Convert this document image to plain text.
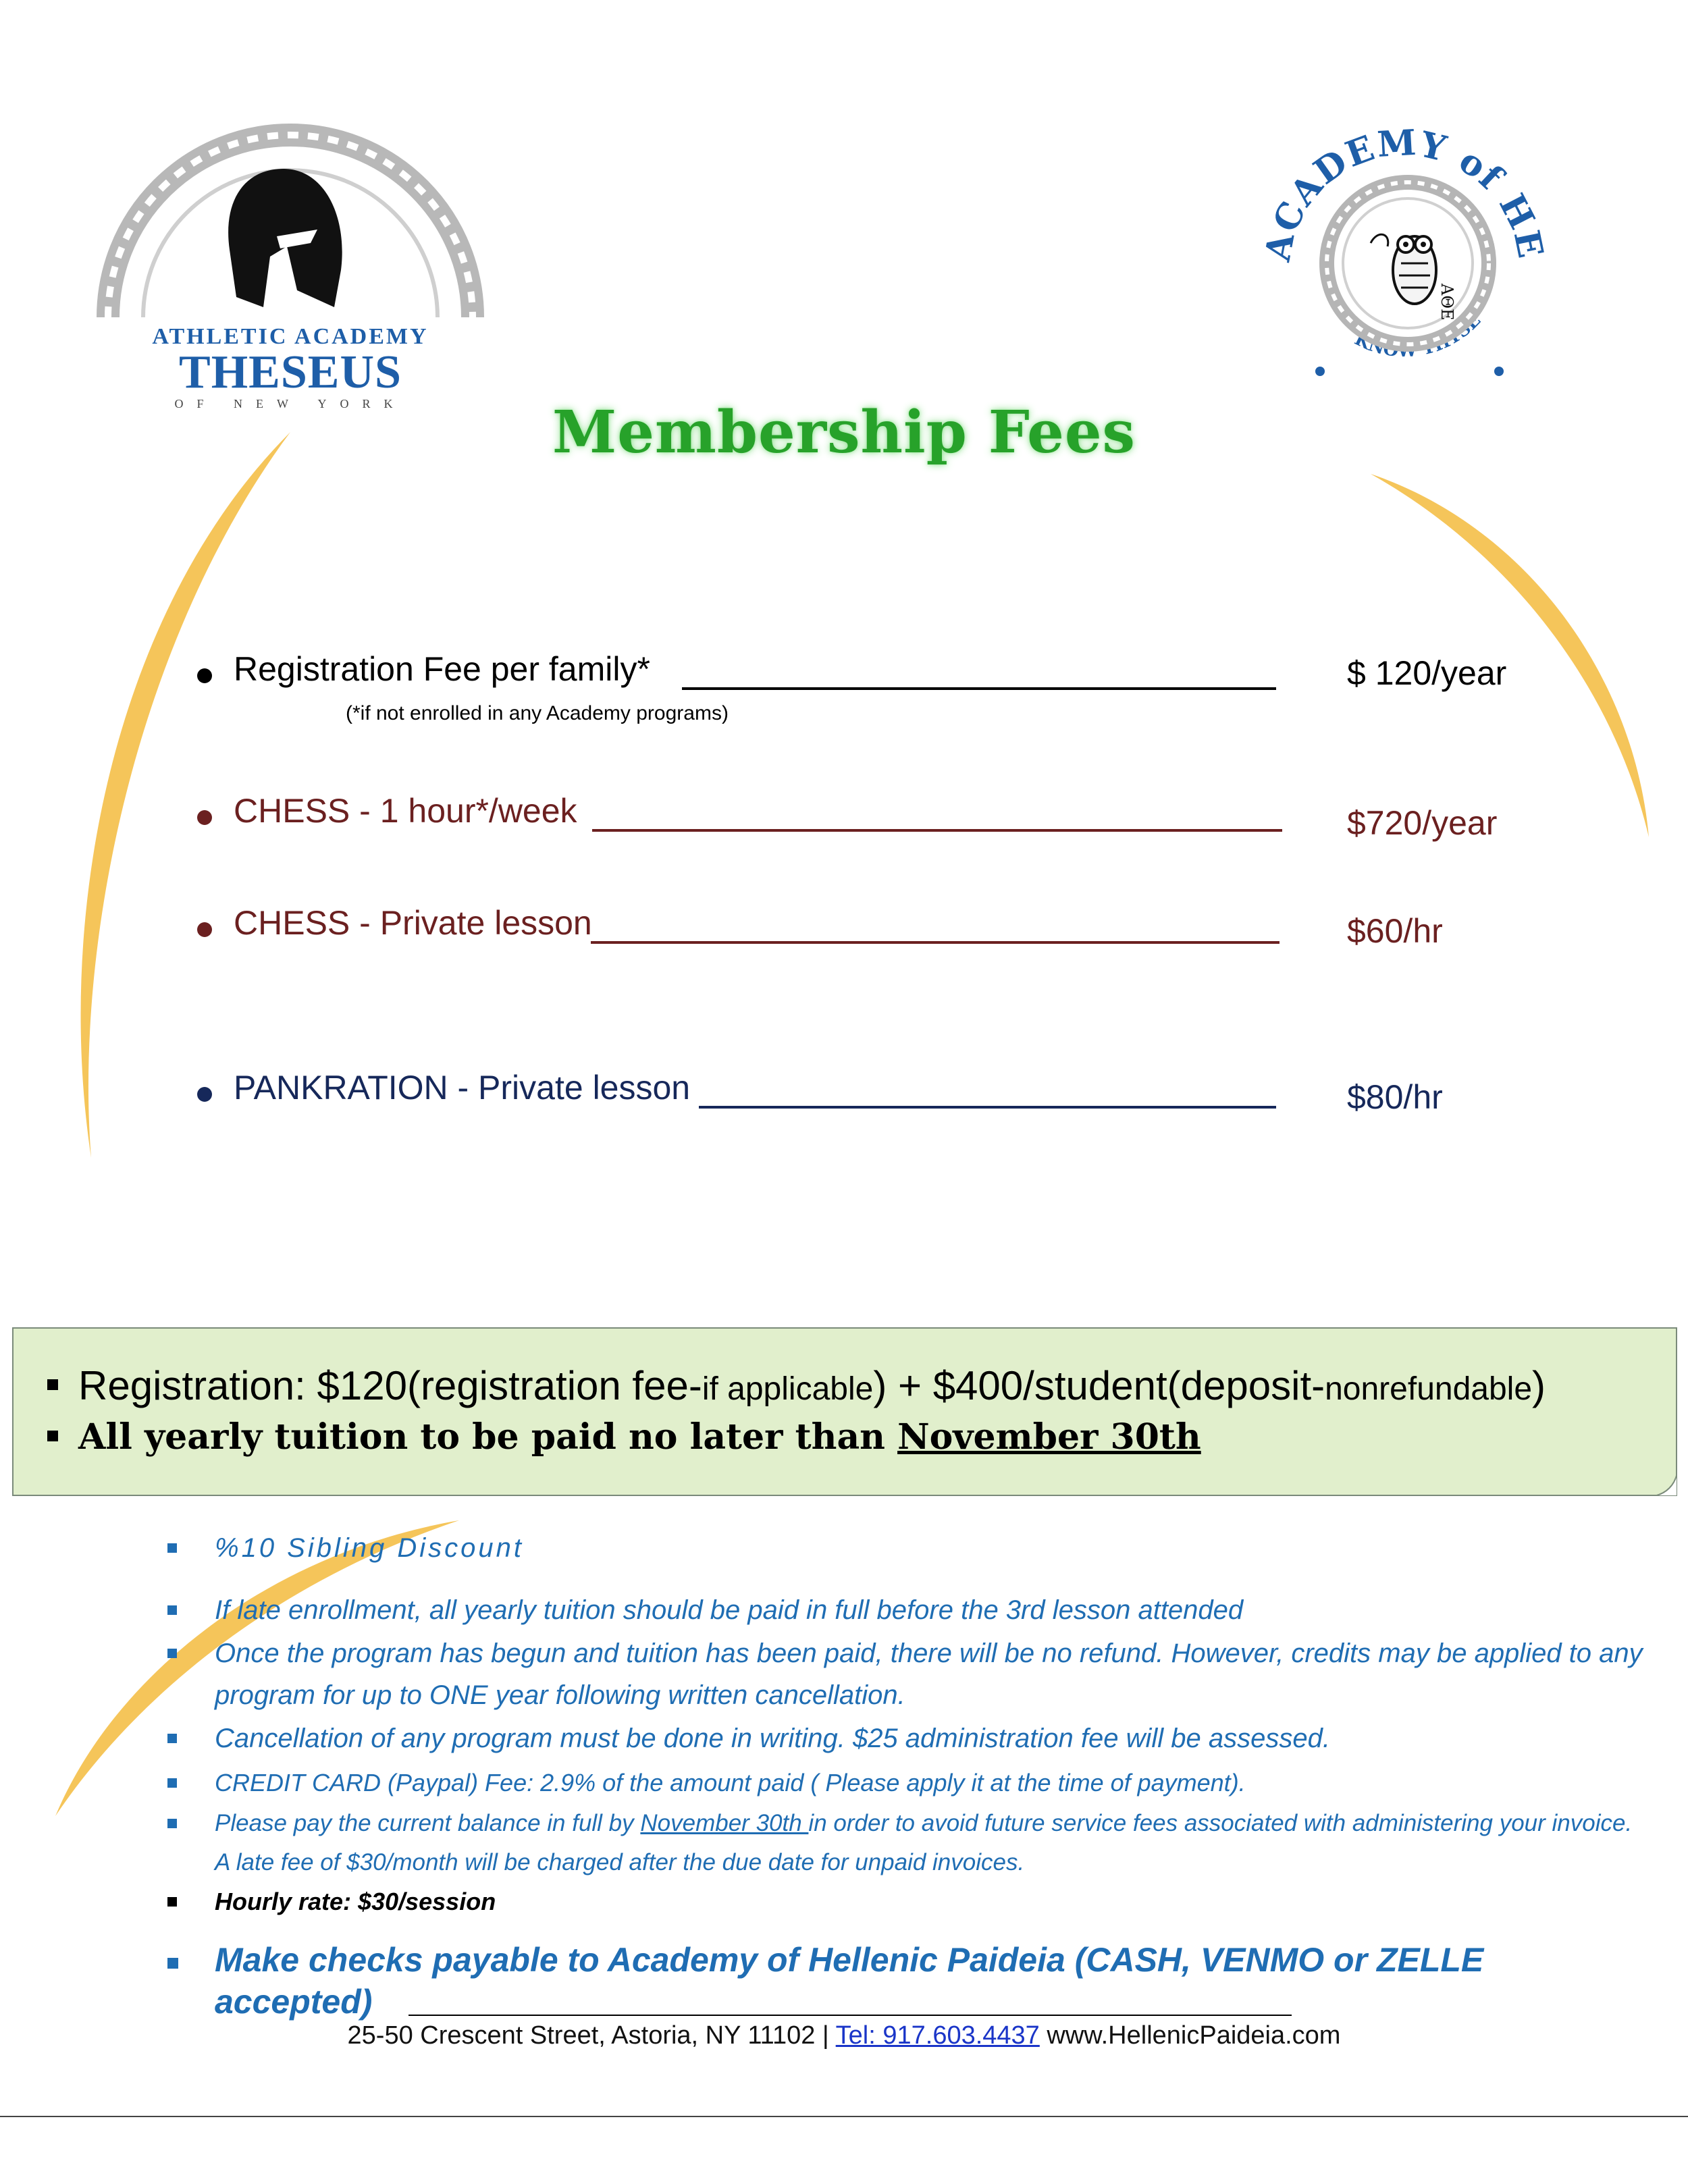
ATHLETIC ACADEMY
THESEUS
OF NEW YORK
ACADEMY of HE
KNOW THYSE
ΑΘΕ
Membership Fees
Registration Fee per family*	$ 120/year
(*if not enrolled in any Academy programs)
CHESS - 1 hour*/week	$720/year
CHESS - Private lesson	$60/hr
PANKRATION - Private lesson	$80/hr
Registration: $120(registration fee-if applicable) + $400/student(deposit-nonrefundable)
All yearly tuition to be paid no later than November 30th
%10 Sibling Discount
If late enrollment, all yearly tuition should be paid in full before the 3rd lesson attended
Once the program has begun and tuition has been paid, there will be no refund. However, credits may be applied to any program for up to ONE year following written cancellation.
Cancellation of any program must be done in writing. $25 administration fee will be assessed.
CREDIT CARD (Paypal) Fee: 2.9% of the amount paid ( Please apply it at the time of payment).
Please pay the current balance in full by November 30th in order to avoid future service fees associated with administering your invoice. A late fee of $30/month will be charged after the due date for unpaid invoices.
Hourly rate: $30/session
Make checks payable to Academy of Hellenic Paideia (CASH, VENMO or ZELLE accepted)
25-50 Crescent Street, Astoria, NY 11102 | Tel: 917.603.4437 www.HellenicPaideia.com
